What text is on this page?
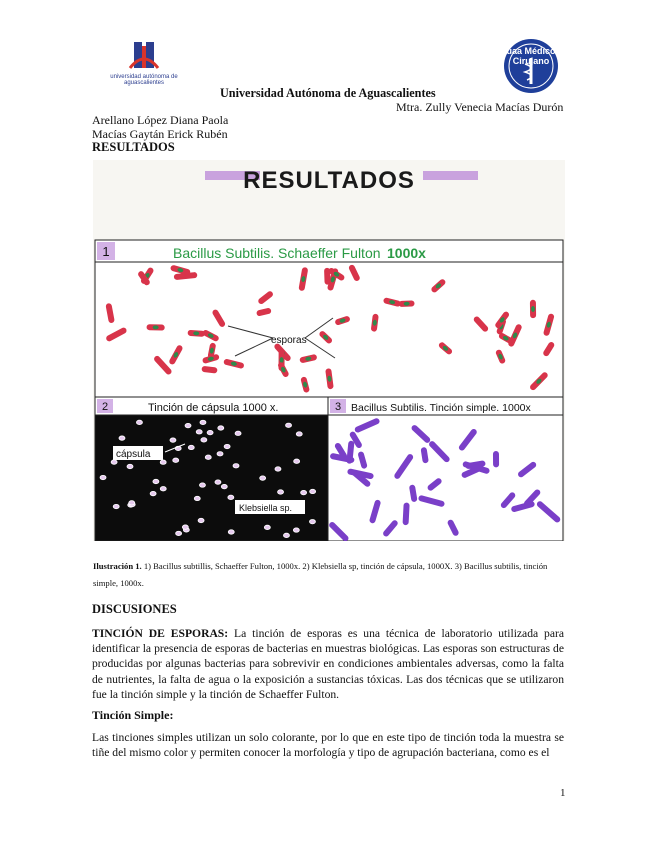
universidad autónoma de aguascalientes
uaa Médico Cirujano
Universidad Autónoma de Aguascalientes
Mtra. Zully Venecia Macías Durón
Arellano López Diana Paola
Macías Gaytán Erick Rubén
RESULTADOS
RESULTADOS
1	Bacillus Subtilis. Schaeffer Fulton 1000x
esporas
2	Tinción de cápsula 1000 x.
cápsula
Klebsiella sp.
3 Bacillus Subtilis. Tinción simple. 1000x
Ilustración 1. 1) Bacillus subtillis, Schaeffer Fulton, 1000x. 2) Klebsiella sp, tinción de cápsula, 1000X. 3) Bacillus subtilis, tinción simple, 1000x.
DISCUSIONES
TINCIÓN DE ESPORAS: La tinción de esporas es una técnica de laboratorio utilizada para identificar la presencia de esporas de bacterias en muestras biológicas. Las esporas son estructuras de producidas por algunas bacterias para sobrevivir en condiciones ambientales adversas, como la falta de nutrientes, la falta de agua o la exposición a sustancias tóxicas. Las dos técnicas que se utilizaron fue la tinción simple y la tinción de Schaeffer Fulton.
Tinción Simple:
Las tinciones simples utilizan un solo colorante, por lo que en este tipo de tinción toda la muestra se tiñe del mismo color y permiten conocer la morfología y tipo de agrupación bacteriana, como es el
1
